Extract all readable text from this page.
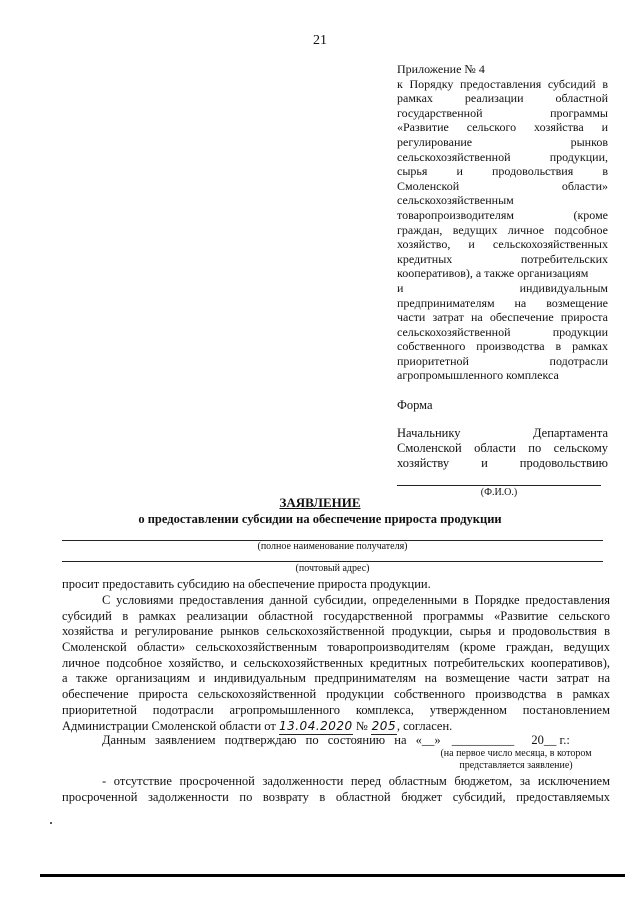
21
Приложение № 4
к Порядку предоставления субсидий в
рамках реализации областной
государственной программы
«Развитие сельского хозяйства и
регулирование рынков
сельскохозяйственной продукции,
сырья и продовольствия в
Смоленской области»
сельскохозяйственным
товаропроизводителям (кроме
граждан, ведущих личное подсобное
хозяйство, и сельскохозяйственных
кредитных потребительских
кооперативов), а также организациям
и индивидуальным
предпринимателям на возмещение
части затрат на обеспечение прироста
сельскохозяйственной продукции
собственного производства в рамках
приоритетной подотрасли
агропромышленного комплекса
Форма
Начальнику Департамента
Смоленской области по сельскому
хозяйству и продовольствию
(Ф.И.О.)
ЗАЯВЛЕНИЕ
о предоставлении субсидии на обеспечение прироста продукции
(полное наименование получателя)
(почтовый адрес)
просит предоставить субсидию на обеспечение прироста продукции.
С условиями предоставления данной субсидии, определенными в Порядке предоставления
субсидий в рамках реализации областной государственной программы «Развитие сельского
хозяйства и регулирование рынков сельскохозяйственной продукции, сырья и продовольствия в
Смоленской области» сельскохозяйственным товаропроизводителям (кроме граждан, ведущих
личное подсобное хозяйство, и сельскохозяйственных кредитных потребительских кооперативов),
а также организациям и индивидуальным предпринимателям на возмещение части затрат на
обеспечение прироста сельскохозяйственной продукции собственного производства в рамках
приоритетной подотрасли агропромышленного комплекса, утвержденном постановлением
Администрации Смоленской области от 13.04.2020 № 205, согласен.
Данным заявлением подтверждаю по состоянию на «__» __________ 20__ г.:
(на первое число месяца, в котором
представляется заявление)
- отсутствие просроченной задолженности перед областным бюджетом, за исключением
просроченной задолженности по возврату в областной бюджет субсидий, предоставляемых
